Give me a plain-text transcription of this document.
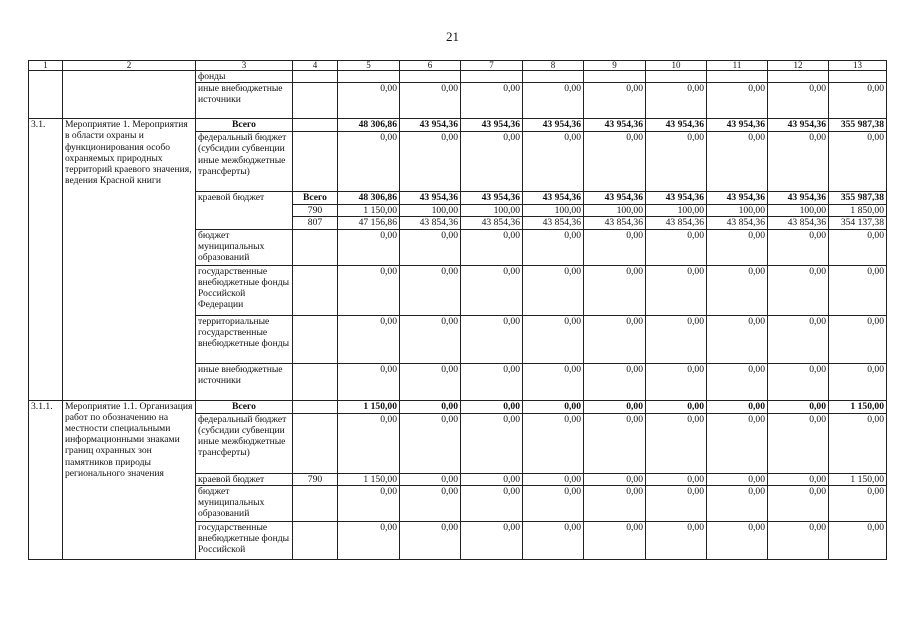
21
1	2	3	4	5	6	7	8	9	10	11	12	13
		фонды										
		иные внебюджетные источники		0,00	0,00	0,00	0,00	0,00	0,00	0,00	0,00	0,00
3.1.	Мероприятие 1. Мероприятия в области охраны и функционирования особо охраняемых природных территорий краевого значения, ведения Красной книги	Всего		48 306,86	43 954,36	43 954,36	43 954,36	43 954,36	43 954,36	43 954,36	43 954,36	355 987,38
		федеральный бюджет (субсидии субвенции иные межбюджетные трансферты)		0,00	0,00	0,00	0,00	0,00	0,00	0,00	0,00	0,00
		краевой бюджет	Всего	48 306,86	43 954,36	43 954,36	43 954,36	43 954,36	43 954,36	43 954,36	43 954,36	355 987,38
			790	1 150,00	100,00	100,00	100,00	100,00	100,00	100,00	100,00	1 850,00
			807	47 156,86	43 854,36	43 854,36	43 854,36	43 854,36	43 854,36	43 854,36	43 854,36	354 137,38
		бюджет муниципальных образований		0,00	0,00	0,00	0,00	0,00	0,00	0,00	0,00	0,00
		государственные внебюджетные фонды Российской Федерации		0,00	0,00	0,00	0,00	0,00	0,00	0,00	0,00	0,00
		территориальные государственные внебюджетные фонды		0,00	0,00	0,00	0,00	0,00	0,00	0,00	0,00	0,00
		иные внебюджетные источники		0,00	0,00	0,00	0,00	0,00	0,00	0,00	0,00	0,00
3.1.1.	Мероприятие 1.1. Организация работ по обозначению на местности специальными информационными знаками границ охранных зон памятников природы регионального значения	Всего		1 150,00	0,00	0,00	0,00	0,00	0,00	0,00	0,00	1 150,00
		федеральный бюджет (субсидии субвенции иные межбюджетные трансферты)		0,00	0,00	0,00	0,00	0,00	0,00	0,00	0,00	0,00
		краевой бюджет	790	1 150,00	0,00	0,00	0,00	0,00	0,00	0,00	0,00	1 150,00
		бюджет муниципальных образований		0,00	0,00	0,00	0,00	0,00	0,00	0,00	0,00	0,00
		государственные внебюджетные фонды Российской		0,00	0,00	0,00	0,00	0,00	0,00	0,00	0,00	0,00
